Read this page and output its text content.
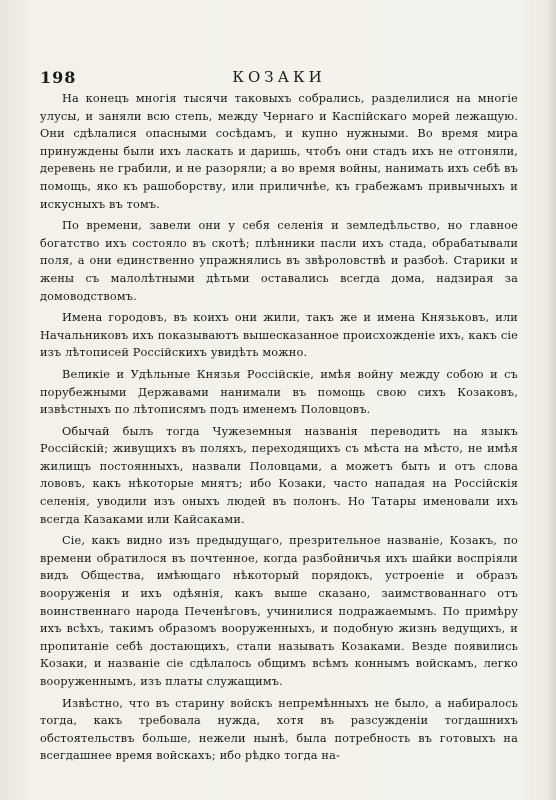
198	КОЗАКИ

На конецъ многія тысячи таковыхъ собрались, разделилися на многіе улусы, и заняли всю степь, между Чернаго и Каспійскаго морей лежащую. Они сдѣлалися опасными сосѣдамъ, и купно нужными. Во время мира принуждены были ихъ ласкать и даришь, чтобъ они стадъ ихъ не отгоняли, деревень не грабили, и не разоряли; а во время войны, нанимать ихъ себѣ въ помощь, яко къ рашоборству, или приличнѣе, къ грабежамъ привычныхъ и искусныхъ въ томъ.

По времени, завели они у себя селенія и земледѣльство, но главное богатство ихъ состояло въ скотѣ; плѣнники пасли ихъ стада, обрабатывали поля, а они единственно упражнялись въ звѣроловствѣ и разбоѣ. Старики и жены съ малолѣтными дѣтьми оставались всегда дома, надзирая за домоводствомъ.

Имена городовъ, въ коихъ они жили, такъ же и имена Князьковъ, или Начальниковъ ихъ показываютъ вышесказанное происхожденіе ихъ, какъ сіе изъ лѣтописей Россійскихъ увидѣть можно.

Великіе и Удѣльные Князья Россійскіе, имѣя войну между собою и съ порубежными Державами нанимали въ помощь свою сихъ Козаковъ, извѣстныхъ по лѣтописямъ подъ именемъ Половцовъ.

Обычай былъ тогда Чужеземныя названія переводить на языкъ Россійскій; живущихъ въ поляхъ, переходящихъ съ мѣста на мѣсто, не имѣя жилищъ постоянныхъ, назвали Половцами, а можетъ быть и отъ слова лововъ, какъ нѣкоторые мнятъ; ибо Козаки, часто нападая на Россійскія селенія, уводили изъ оныхъ людей въ полонъ. Но Татары именовали ихъ всегда Казаками или Кайсаками.

Сіе, какъ видно изъ предыдущаго, презрительное названіе, Козакъ, по времени обратилося въ почтенное, когда разбойничья ихъ шайки воспріяли видъ Общества, имѣющаго нѣкоторый порядокъ, устроеніе и образъ вооруженія и ихъ одѣянія, какъ выше сказано, заимствованнаго отъ воинственнаго народа Печенѣговъ, учинилися подражаемымъ. По примѣру ихъ всѣхъ, такимъ образомъ вооруженныхъ, и подобную жизнь ведущихъ, и пропитаніе себѣ достающихъ, стали называть Козаками. Везде появились Козаки, и названіе сіе сдѣлалось общимъ всѣмъ коннымъ войскамъ, легко вооруженнымъ, изъ платы служащимъ.

Извѣстно, что въ старину войскъ непремѣнныхъ не было, а набиралось тогда, какъ требовала нужда, хотя въ разсужденіи тогдашнихъ обстоятельствъ больше, нежели нынѣ, была потребность въ готовыхъ на всегдашнее время войскахъ; ибо рѣдко тогда на-
